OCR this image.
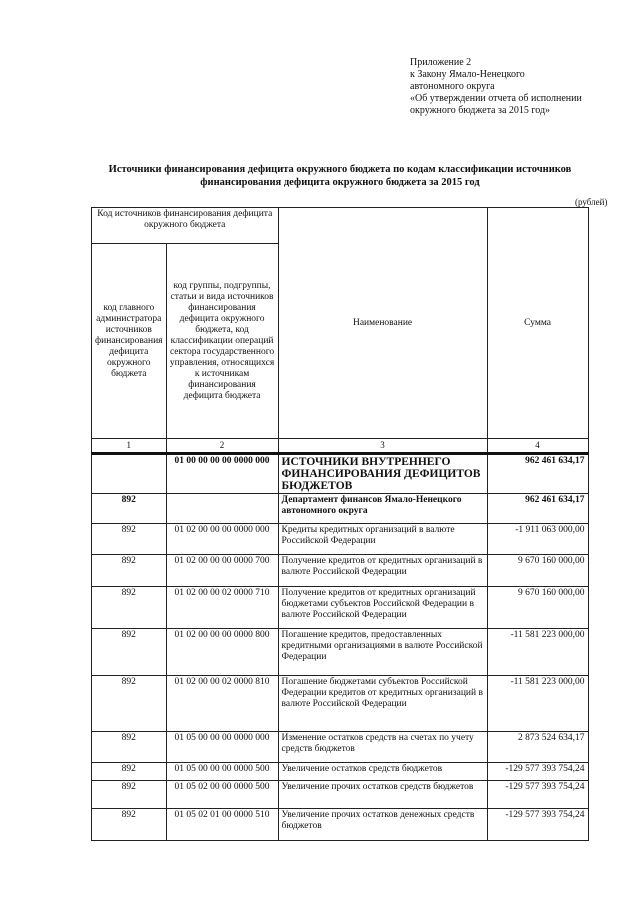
Приложение 2
к Закону Ямало-Ненецкого
автономного округа
«Об утверждении отчета об исполнении
окружного бюджета за 2015 год»
Источники финансирования дефицита окружного бюджета по кодам классификации источников
финансирования дефицита окружного бюджета за 2015 год
(рублей)
Код источников финансирования дефицита окружного бюджета		Наименование	Сумма
код главного администратора источников финансирования дефицита окружного бюджета	код группы, подгруппы, статьи и вида источников финансирования дефицита окружного бюджета, код классификации операций сектора государственного управления, относящихся к источникам финансирования дефицита бюджета		
1	2	3	4
	01 00 00 00 00 0000 000	ИСТОЧНИКИ ВНУТРЕННЕГО ФИНАНСИРОВАНИЯ ДЕФИЦИТОВ БЮДЖЕТОВ	962 461 634,17
892		Департамент финансов Ямало-Ненецкого автономного округа	962 461 634,17
892	01 02 00 00 00 0000 000	Кредиты кредитных организаций в валюте Российской Федерации	-1 911 063 000,00
892	01 02 00 00 00 0000 700	Получение кредитов от кредитных организаций в валюте Российской Федерации	9 670 160 000,00
892	01 02 00 00 02 0000 710	Получение кредитов от кредитных организаций бюджетами субъектов Российской Федерации в валюте Российской Федерации	9 670 160 000,00
892	01 02 00 00 00 0000 800	Погашение кредитов, предоставленных кредитными организациями в валюте Российской Федерации	-11 581 223 000,00
892	01 02 00 00 02 0000 810	Погашение бюджетами субъектов Российской Федерации кредитов от кредитных организаций в валюте Российской Федерации	-11 581 223 000,00
892	01 05 00 00 00 0000 000	Изменение остатков средств на счетах по учету средств бюджетов	2 873 524 634,17
892	01 05 00 00 00 0000 500	Увеличение остатков средств бюджетов	-129 577 393 754,24
892	01 05 02 00 00 0000 500	Увеличение прочих остатков средств бюджетов	-129 577 393 754,24
892	01 05 02 01 00 0000 510	Увеличение прочих остатков денежных средств бюджетов	-129 577 393 754,24
